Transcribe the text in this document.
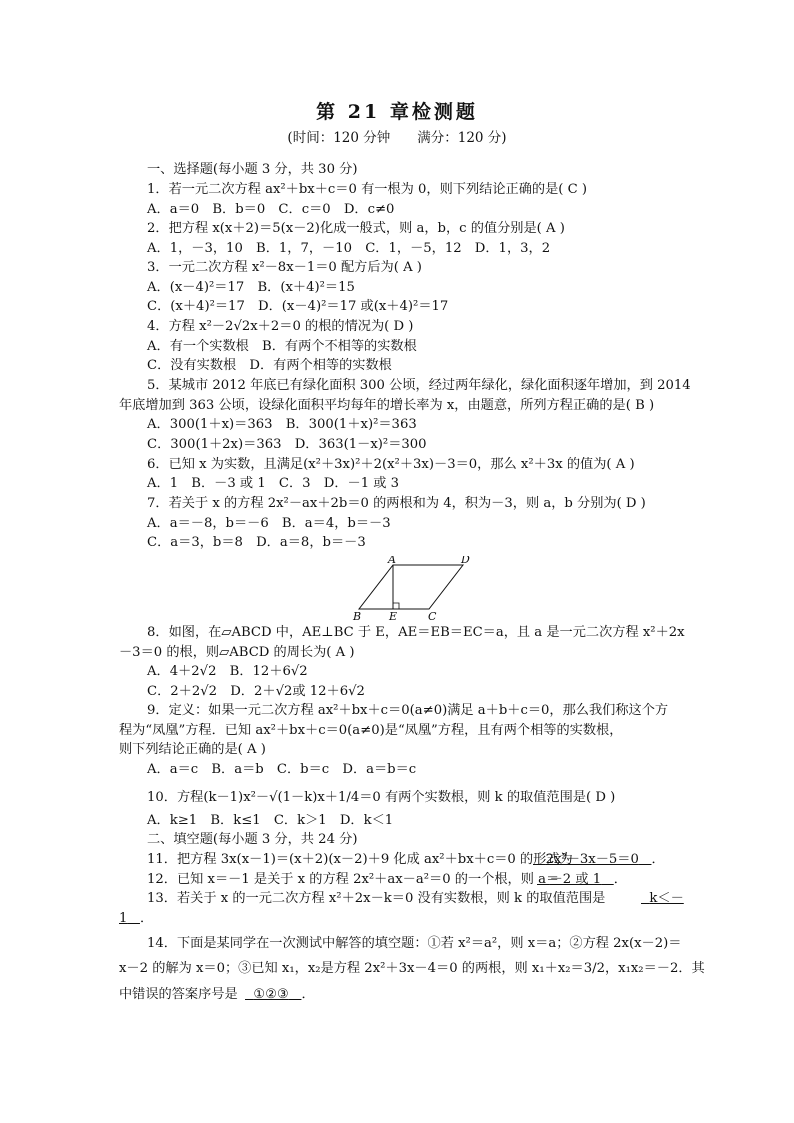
第 21 章检测题
(时间：120 分钟　　满分：120 分)
一、选择题(每小题 3 分，共 30 分)
1．若一元二次方程 ax²＋bx＋c＝0 有一根为 0，则下列结论正确的是( C )
A．a＝0　B．b＝0　C．c＝0　D．c≠0
2．把方程 x(x＋2)＝5(x－2)化成一般式，则 a，b，c 的值分别是( A )
A．1，－3，10　B．1，7，－10　C．1，－5，12　D．1，3，2
3．一元二次方程 x²－8x－1＝0 配方后为( A )
A．(x－4)²＝17　B．(x＋4)²＝15
C．(x＋4)²＝17　D．(x－4)²＝17 或(x＋4)²＝17
4．方程 x²－2√2x＋2＝0 的根的情况为( D )
A．有一个实数根　B．有两个不相等的实数根
C．没有实数根　D．有两个相等的实数根
5．某城市 2012 年底已有绿化面积 300 公顷，经过两年绿化，绿化面积逐年增加，到 2014
年底增加到 363 公顷，设绿化面积平均每年的增长率为 x，由题意，所列方程正确的是( B )
A．300(1＋x)＝363　B．300(1＋x)²＝363
C．300(1＋2x)＝363　D．363(1－x)²＝300
6．已知 x 为实数，且满足(x²＋3x)²＋2(x²＋3x)－3＝0，那么 x²＋3x 的值为( A )
A．1　B．－3 或 1　C．3　D．－1 或 3
7．若关于 x 的方程 2x²－ax＋2b＝0 的两根和为 4，积为－3，则 a，b 分别为( D )
A．a＝－8，b＝－6　B．a＝4，b＝－3
C．a＝3，b＝8　D．a＝8，b＝－3
8．如图，在▱ABCD 中，AE⊥BC 于 E，AE＝EB＝EC＝a，且 a 是一元二次方程 x²＋2x
－3＝0 的根，则▱ABCD 的周长为( A )
A．4＋2√2　B．12＋6√2
C．2＋2√2　D．2＋√2或 12＋6√2
9．定义：如果一元二次方程 ax²＋bx＋c＝0(a≠0)满足 a＋b＋c＝0，那么我们称这个方
程为“凤凰”方程．已知 ax²＋bx＋c＝0(a≠0)是“凤凰”方程，且有两个相等的实数根，
则下列结论正确的是( A )
A．a＝c　B．a＝b　C．b＝c　D．a＝b＝c
10．方程(k－1)x²－√(1－k)x＋1/4＝0 有两个实数根，则 k 的取值范围是( D )
A．k≥1　B．k≤1　C．k＞1　D．k＜1
二、填空题(每小题 3 分，共 24 分)
11．把方程 3x(x－1)＝(x＋2)(x－2)＋9 化成 ax²＋bx＋c＝0 的形式为
12．已知 x＝－1 是关于 x 的方程 2x²＋ax－a²＝0 的一个根，则 a＝
13．若关于 x 的一元二次方程 x²＋2x－k＝0 没有实数根，则 k 的取值范围是
14．下面是某同学在一次测试中解答的填空题：①若 x²＝a²，则 x＝a；②方程 2x(x－2)＝
x－2 的解为 x＝0；③已知 x₁，x₂是方程 2x²＋3x－4＝0 的两根，则 x₁＋x₂＝3/2，x₁x₂＝－2．其
中错误的答案序号是
2x²－3x－5＝0 ．
－2 或 1 ．
k＜－
1 ．
①②③ ．
A	D
B	E	C
